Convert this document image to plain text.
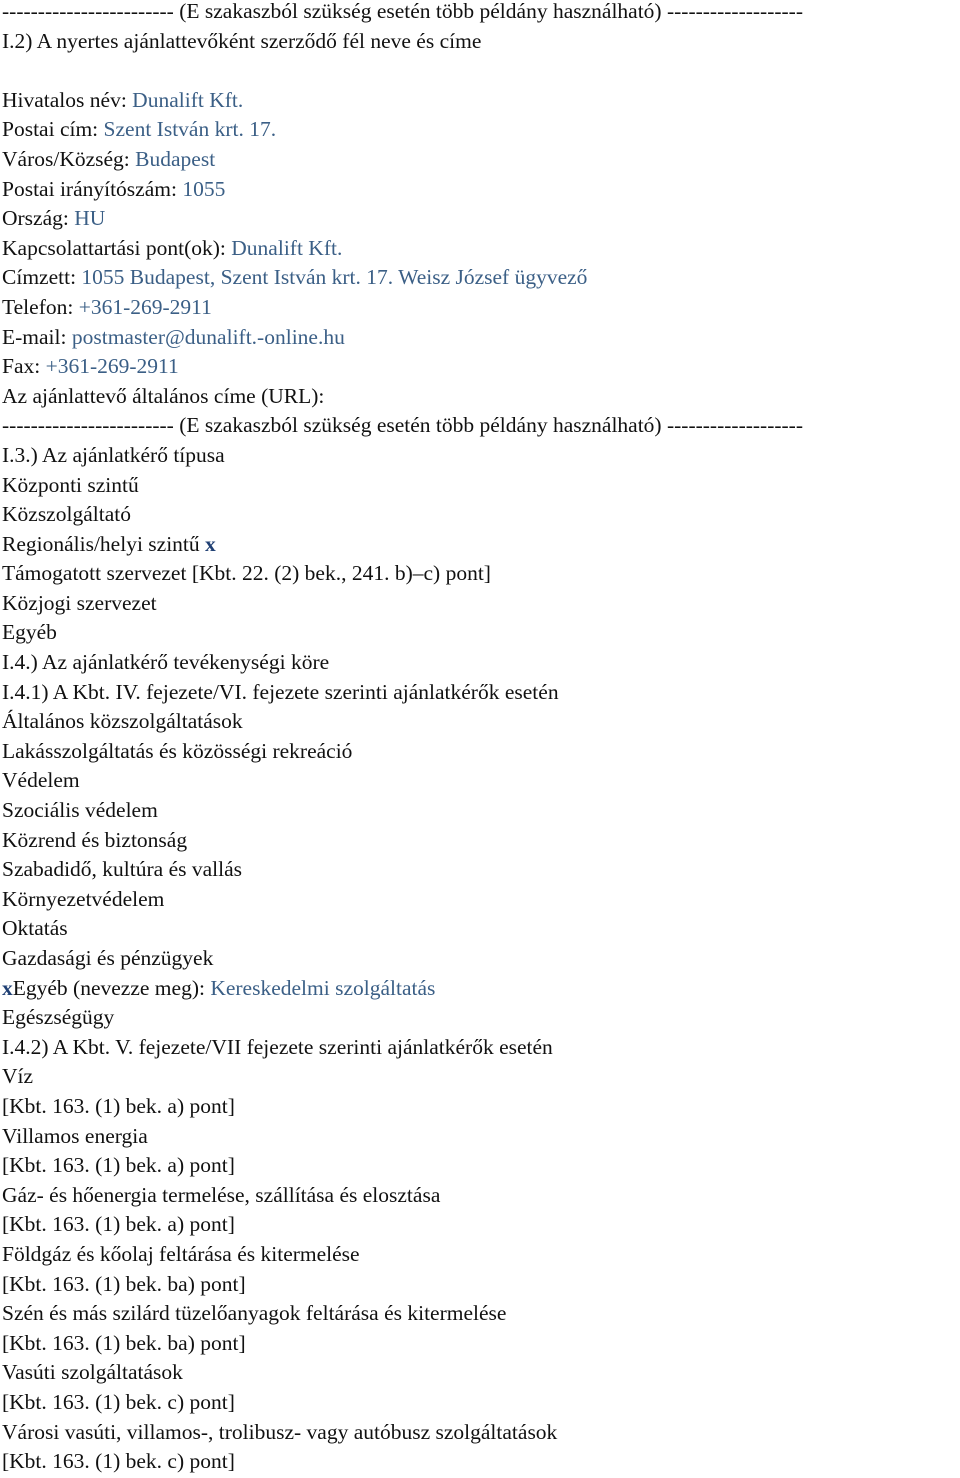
------------------------ (E szakaszból szükség esetén több példány használható) -------------------
I.2) A nyertes ajánlattevőként szerződő fél neve és címe
Hivatalos név: Dunalift Kft.
Postai cím: Szent István krt. 17.
Város/Község: Budapest
Postai irányítószám: 1055
Ország: HU
Kapcsolattartási pont(ok): Dunalift Kft.
Címzett: 1055 Budapest, Szent István krt. 17. Weisz József ügyvező
Telefon: +361-269-2911
E-mail: postmaster@dunalift.-online.hu
Fax: +361-269-2911
Az ajánlattevő általános címe (URL):
------------------------ (E szakaszból szükség esetén több példány használható) -------------------
I.3.) Az ajánlatkérő típusa
Központi szintű
Közszolgáltató
Regionális/helyi szintű x
Támogatott szervezet [Kbt. 22. (2) bek., 241. b)–c) pont]
Közjogi szervezet
Egyéb
I.4.) Az ajánlatkérő tevékenységi köre
I.4.1) A Kbt. IV. fejezete/VI. fejezete szerinti ajánlatkérők esetén
Általános közszolgáltatások
Lakásszolgáltatás és közösségi rekreáció
Védelem
Szociális védelem
Közrend és biztonság
Szabadidő, kultúra és vallás
Környezetvédelem
Oktatás
Gazdasági és pénzügyek
xEgyéb (nevezze meg): Kereskedelmi szolgáltatás
Egészségügy
I.4.2) A Kbt. V. fejezete/VII fejezete szerinti ajánlatkérők esetén
Víz
[Kbt. 163. (1) bek. a) pont]
Villamos energia
[Kbt. 163. (1) bek. a) pont]
Gáz- és hőenergia termelése, szállítása és elosztása
[Kbt. 163. (1) bek. a) pont]
Földgáz és kőolaj feltárása és kitermelése
[Kbt. 163. (1) bek. ba) pont]
Szén és más szilárd tüzelőanyagok feltárása és kitermelése
[Kbt. 163. (1) bek. ba) pont]
Vasúti szolgáltatások
[Kbt. 163. (1) bek. c) pont]
Városi vasúti, villamos-, trolibusz- vagy autóbusz szolgáltatások
[Kbt. 163. (1) bek. c) pont]
